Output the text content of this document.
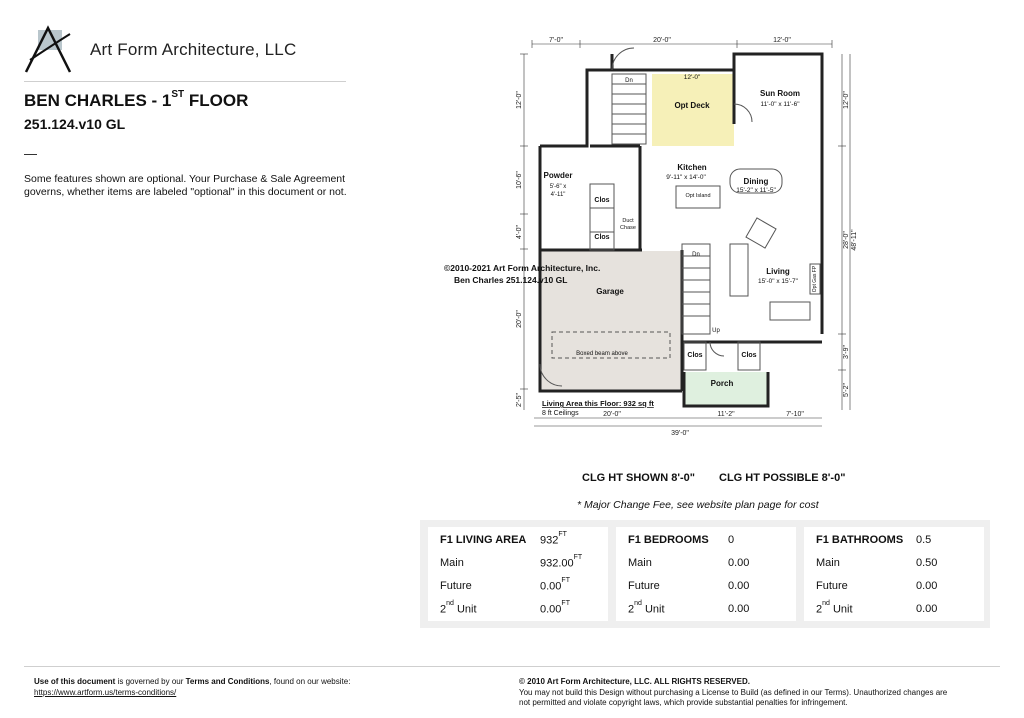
Art Form Architecture, LLC
BEN CHARLES - 1ST FLOOR
251.124.v10 GL
—
Some features shown are optional. Your Purchase & Sale Agreement governs, whether items are labeled "optional" in this document or not.
7'-0"	20'-0"	12'-0"
20'-0"	11'-2"	7'-10"
39'-0"
12'-0"
10'-6"
4'-0"
20'-0"
2'-5"
12'-0"
28'-0"
3'-9"
5'-2"
48'-11"
Sun Room
11'-0" x 11'-6"
12'-0"
Opt Deck
Kitchen
9'-11" x 14'-0"
Opt Island
Dining
15'-2" x 11'-5"
Powder
5'-6" x
4'-11"
Clos
Clos
Duct
Chase
Living
15'-0" x 15'-7"
Garage
Boxed beam above
Porch
Clos	Clos
Dn
Dn
Up
Opt Gas FP
©2010-2021 Art Form Architecture, Inc.
Ben Charles 251.124.v10 GL
Living Area this Floor: 932 sq ft
8 ft Ceilings
CLG HT SHOWN 8'-0" CLG HT POSSIBLE 8'-0"
* Major Change Fee, see website plan page for cost
F1 LIVING AREA	$932^{FT}$
Main	$932.00^{FT}$
Future	$0.00^{FT}$
2nd Unit	$0.00^{FT}$
F1 BEDROOMS	0
Main	0.00
Future	0.00
2nd Unit	0.00
F1 BATHROOMS	0.5
Main	0.50
Future	0.00
2nd Unit	0.00
Use of this document is governed by our Terms and Conditions, found on our website:
https://www.artform.us/terms-conditions/
© 2010 Art Form Architecture, LLC. ALL RIGHTS RESERVED.
You may not build this Design without purchasing a License to Build (as defined in our Terms). Unauthorized changes are
not permitted and violate copyright laws, which provide substantial penalties for infringement.
